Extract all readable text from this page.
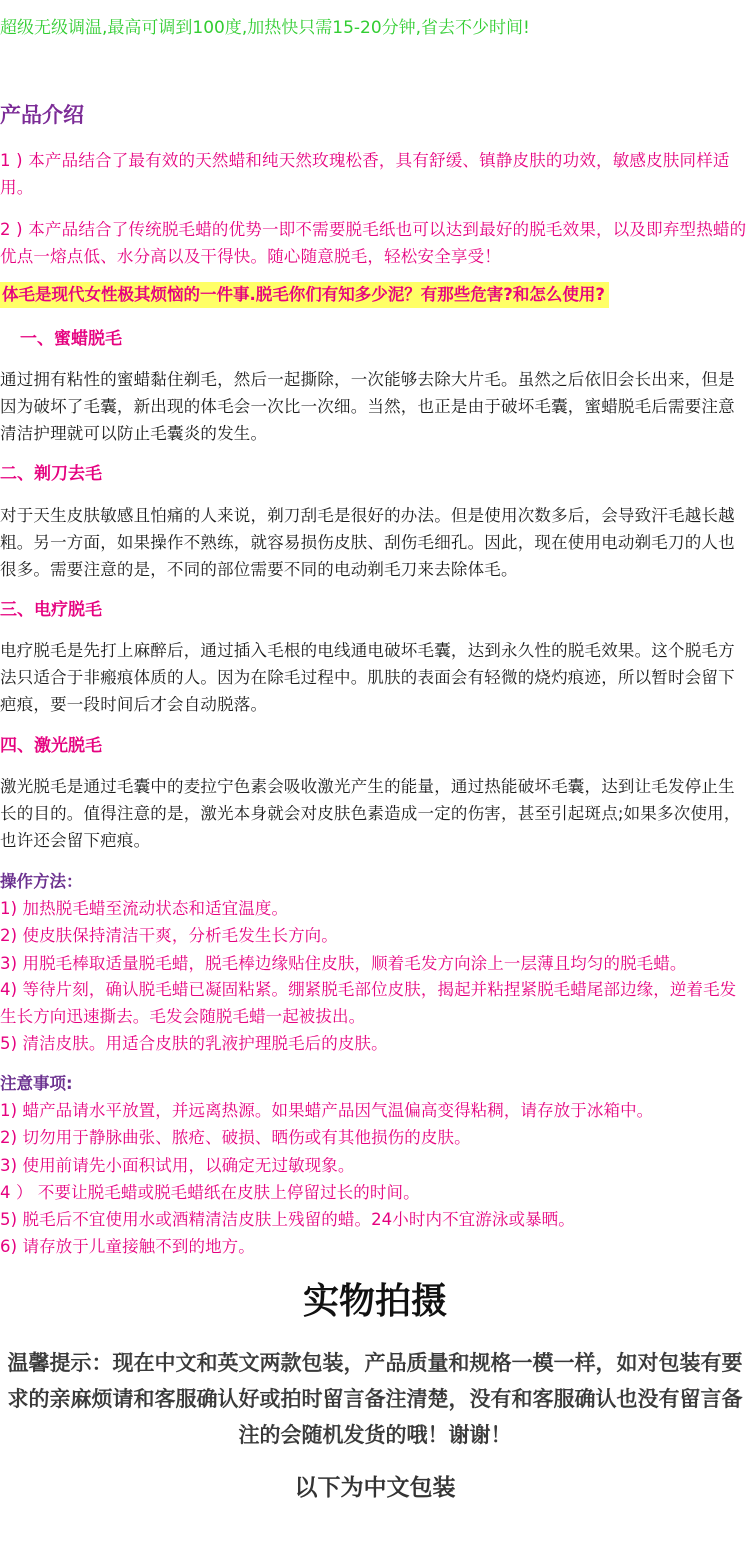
超级无级调温,最高可调到100度,加热快只需15-20分钟,省去不少时间!
产品介绍
1 ) 本产品结合了最有效的天然蜡和纯天然玫瑰松香，具有舒缓、镇静皮肤的功效，敏感皮肤同样适用。
2 ) 本产品结合了传统脱毛蜡的优势一即不需要脱毛纸也可以达到最好的脱毛效果，以及即弃型热蜡的优点一熔点低、水分高以及干得快。随心随意脱毛，轻松安全享受！
体毛是现代女性极其烦恼的一件事.脱毛你们有知多少泥？有那些危害?和怎么使用?
一、蜜蜡脱毛
通过拥有粘性的蜜蜡黏住剃毛，然后一起撕除，一次能够去除大片毛。虽然之后依旧会长出来，但是因为破坏了毛囊，新出现的体毛会一次比一次细。当然，也正是由于破坏毛囊，蜜蜡脱毛后需要注意清洁护理就可以防止毛囊炎的发生。
二、剃刀去毛
对于天生皮肤敏感且怕痛的人来说，剃刀刮毛是很好的办法。但是使用次数多后，会导致汗毛越长越粗。另一方面，如果操作不熟练，就容易损伤皮肤、刮伤毛细孔。因此，现在使用电动剃毛刀的人也很多。需要注意的是，不同的部位需要不同的电动剃毛刀来去除体毛。
三、电疗脱毛
电疗脱毛是先打上麻醉后，通过插入毛根的电线通电破坏毛囊，达到永久性的脱毛效果。这个脱毛方法只适合于非瘢痕体质的人。因为在除毛过程中。肌肤的表面会有轻微的烧灼痕迹，所以暂时会留下疤痕，要一段时间后才会自动脱落。
四、激光脱毛
激光脱毛是通过毛囊中的麦拉宁色素会吸收激光产生的能量，通过热能破坏毛囊，达到让毛发停止生长的目的。值得注意的是，激光本身就会对皮肤色素造成一定的伤害，甚至引起斑点;如果多次使用，也许还会留下疤痕。
操作方法：
1) 加热脱毛蜡至流动状态和适宜温度。
2) 使皮肤保持清洁干爽，分析毛发生长方向。
3) 用脱毛棒取适量脱毛蜡，脱毛棒边缘贴住皮肤，顺着毛发方向涂上一层薄且均匀的脱毛蜡。
4) 等待片刻，确认脱毛蜡已凝固粘紧。绷紧脱毛部位皮肤，揭起并粘捏紧脱毛蜡尾部边缘，逆着毛发生长方向迅速撕去。毛发会随脱毛蜡一起被拔出。
5) 清洁皮肤。用适合皮肤的乳液护理脱毛后的皮肤。
注意事项:
1) 蜡产品请水平放置，并远离热源。如果蜡产品因气温偏高变得粘稠，请存放于冰箱中。
2) 切勿用于静脉曲张、脓疮、破损、晒伤或有其他损伤的皮肤。
3) 使用前请先小面积试用，以确定无过敏现象。
4 ） 不要让脱毛蜡或脱毛蜡纸在皮肤上停留过长的时间。
5) 脱毛后不宜使用水或酒精清洁皮肤上残留的蜡。24小时内不宜游泳或暴晒。
6) 请存放于儿童接触不到的地方。
实物拍摄
温馨提示：现在中文和英文两款包装，产品质量和规格一模一样，如对包装有要求的亲麻烦请和客服确认好或拍时留言备注清楚，没有和客服确认也没有留言备注的会随机发货的哦！谢谢！
以下为中文包装
